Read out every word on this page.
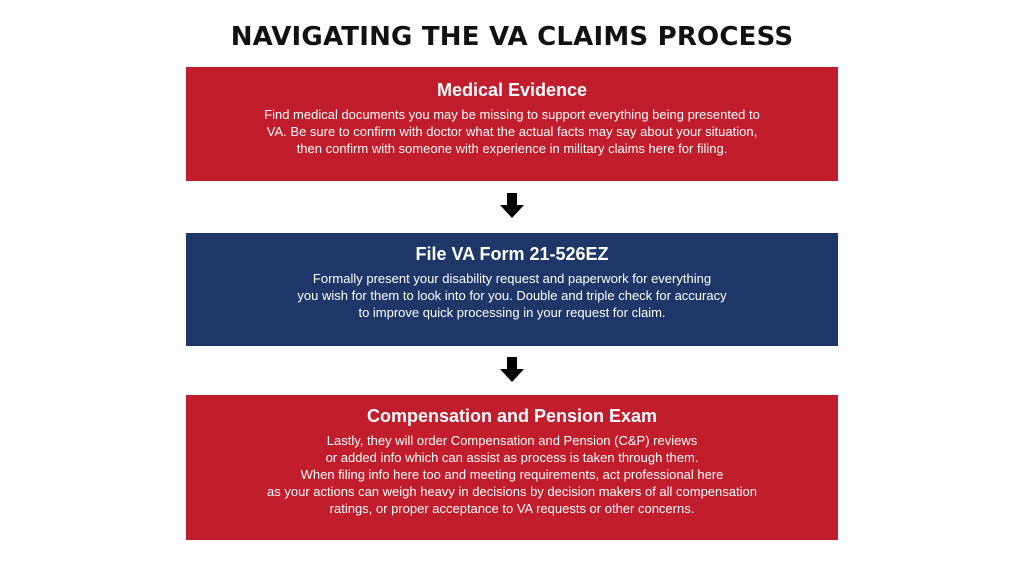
NAVIGATING THE VA CLAIMS PROCESS
Medical Evidence
Find medical documents you may be missing to support everything being presented to
VA. Be sure to confirm with doctor what the actual facts may say about your situation,
then confirm with someone with experience in military claims here for filing.
File VA Form 21-526EZ
Formally present your disability request and paperwork for everything
you wish for them to look into for you. Double and triple check for accuracy
to improve quick processing in your request for claim.
Compensation and Pension Exam
Lastly, they will order Compensation and Pension (C&P) reviews
or added info which can assist as process is taken through them.
When filing info here too and meeting requirements, act professional here
as your actions can weigh heavy in decisions by decision makers of all compensation
ratings, or proper acceptance to VA requests or other concerns.
